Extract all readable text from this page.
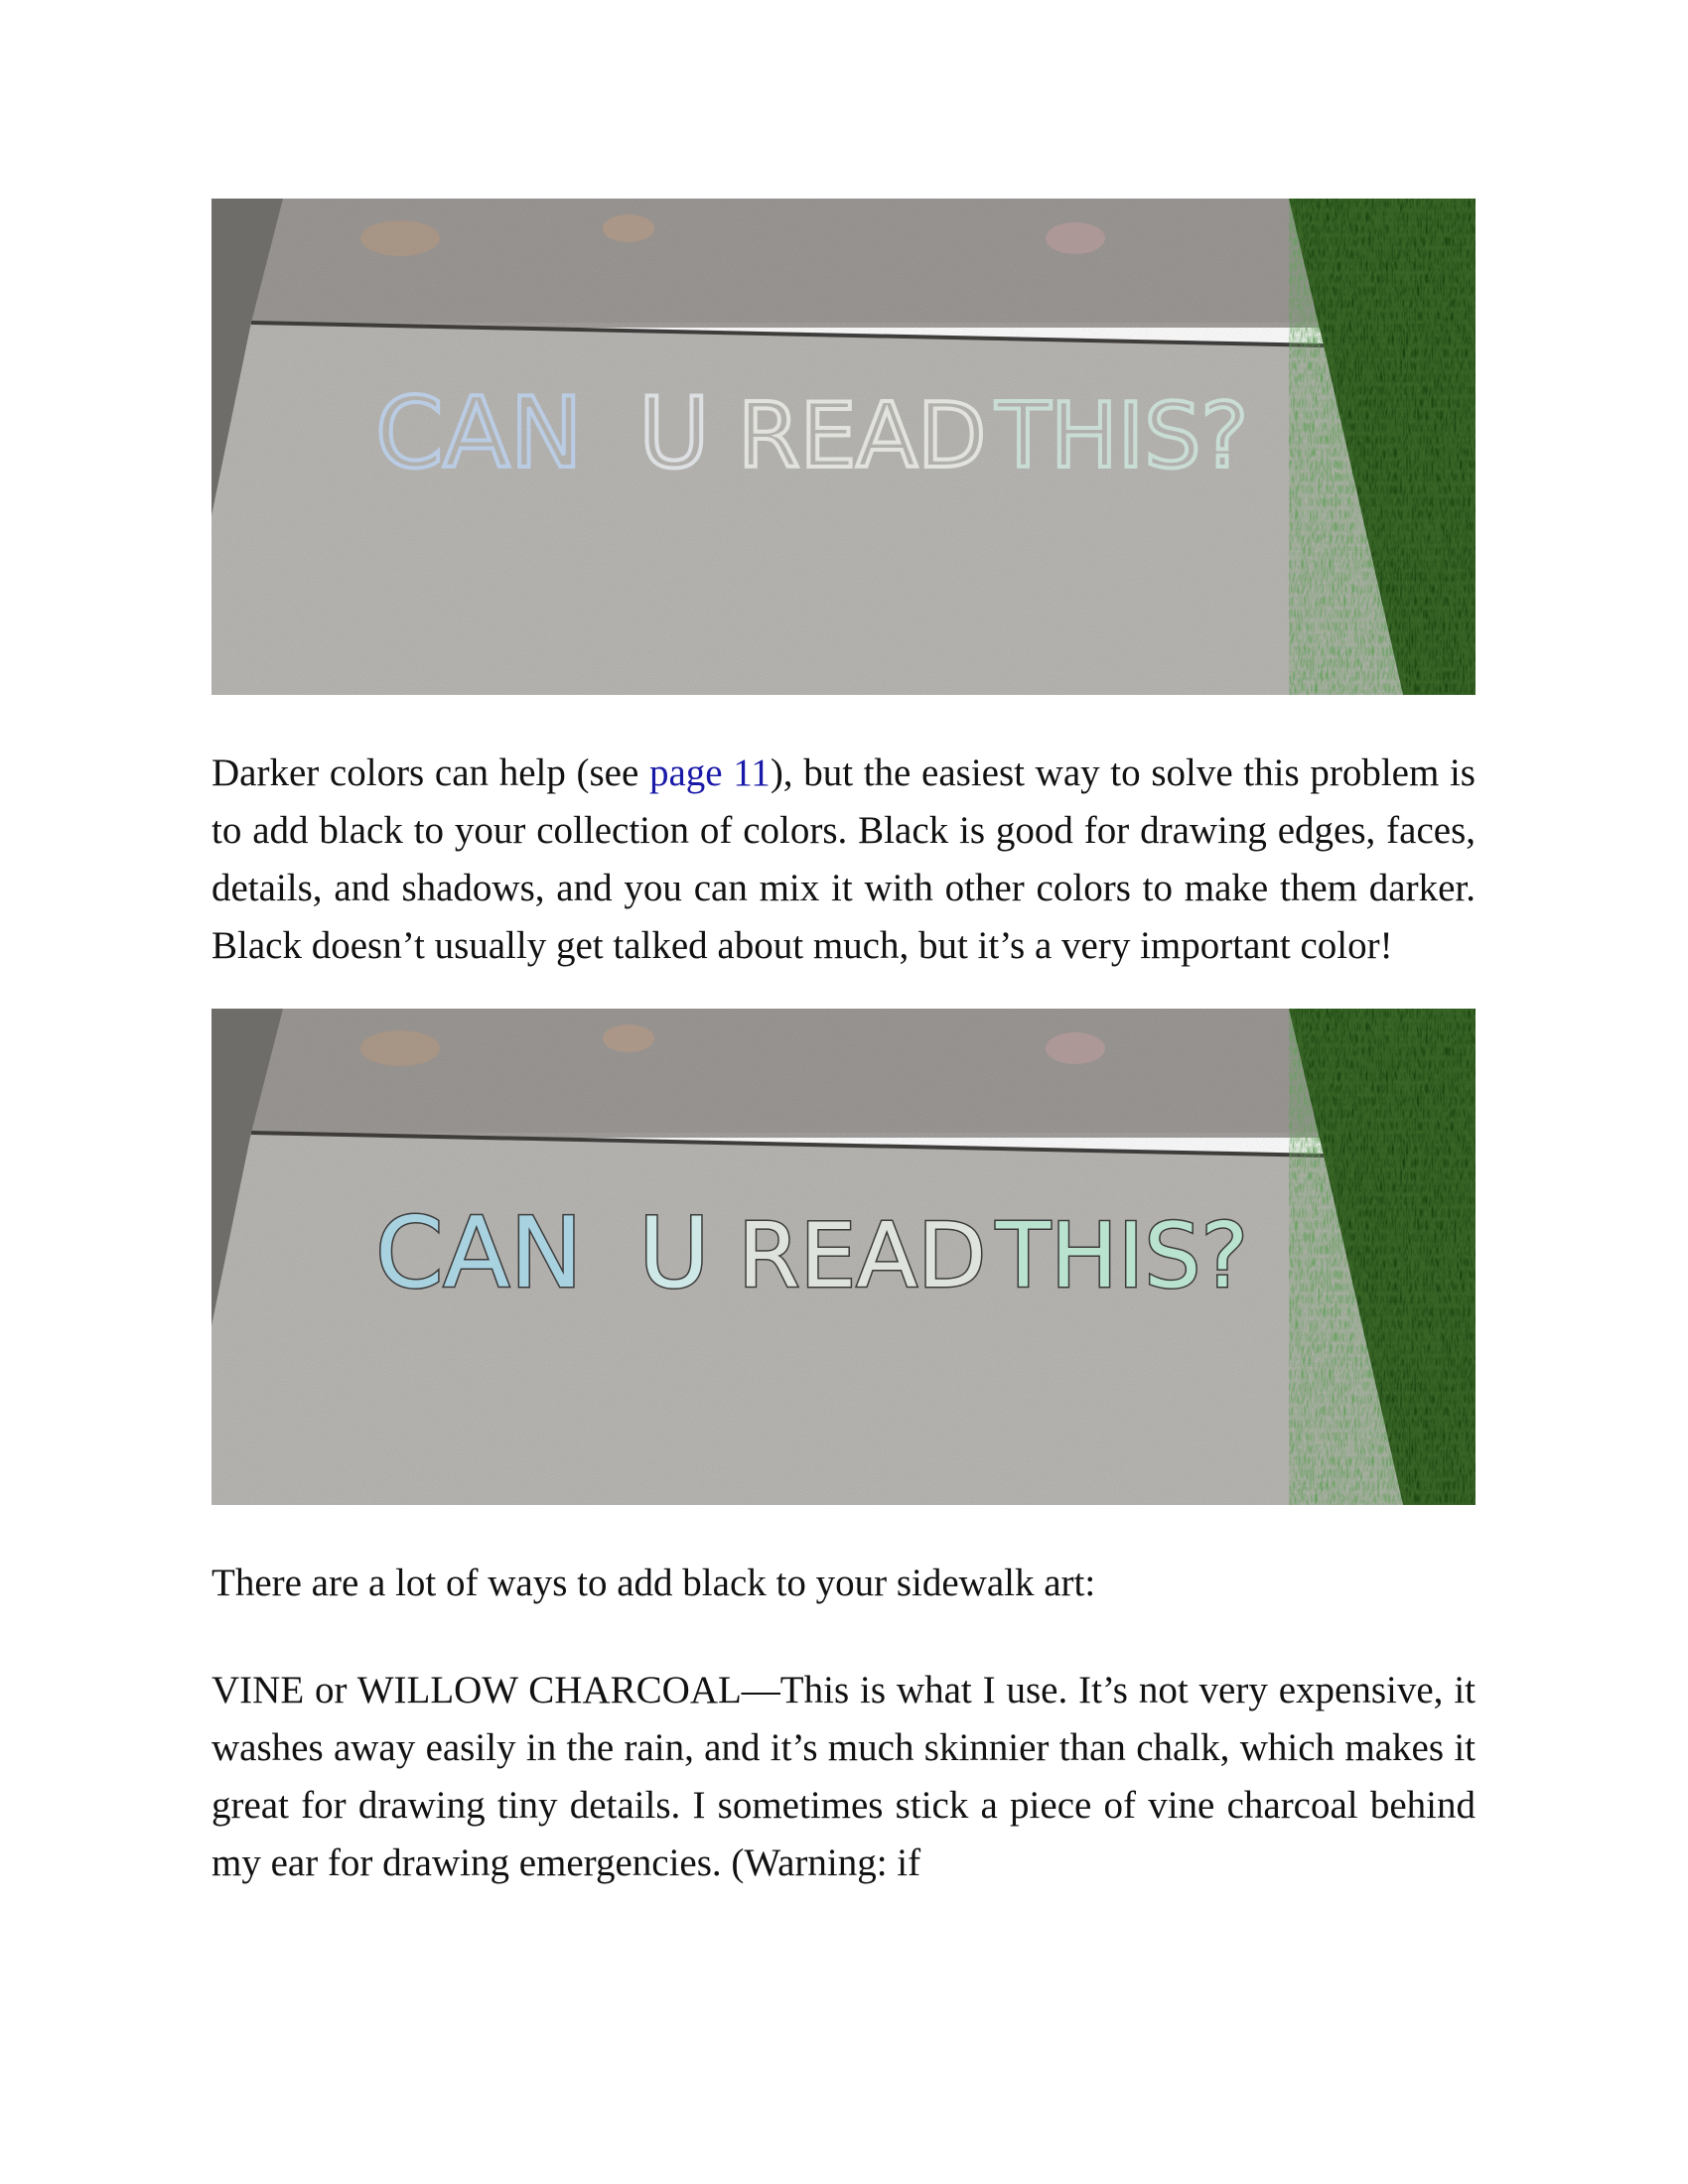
CAN U READ THIS?

Darker colors can help (see page 11), but the easiest way to solve this problem is to add black to your collection of colors. Black is good for drawing edges, faces, details, and shadows, and you can mix it with other colors to make them darker. Black doesn’t usually get talked about much, but it’s a very important color!

CAN U READ THIS?

There are a lot of ways to add black to your sidewalk art:

VINE or WILLOW CHARCOAL—This is what I use. It’s not very expensive, it washes away easily in the rain, and it’s much skinnier than chalk, which makes it great for drawing tiny details. I sometimes stick a piece of vine charcoal behind my ear for drawing emergencies. (Warning: if
